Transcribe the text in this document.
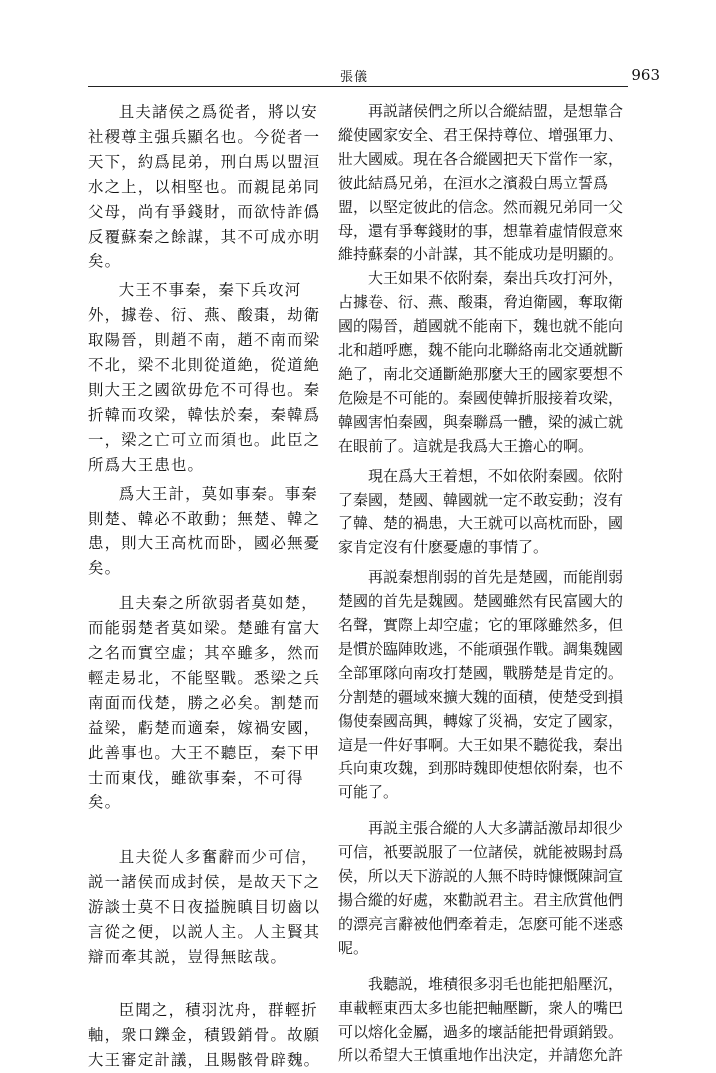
張儀	963

且夫諸侯之爲從者，將以安社稷尊主强兵顯名也。今從者一天下，約爲昆弟，刑白馬以盟洹水之上，以相堅也。而親昆弟同父母，尚有爭錢財，而欲恃詐僞反覆蘇秦之餘謀，其不可成亦明矣。

大王不事秦，秦下兵攻河外，據卷、衍、燕、酸棗，劫衛取陽晉，則趙不南，趙不南而梁不北，梁不北則從道絶，從道絶則大王之國欲毋危不可得也。秦折韓而攻梁，韓怯於秦，秦韓爲一，梁之亡可立而須也。此臣之所爲大王患也。

爲大王計，莫如事秦。事秦則楚、韓必不敢動；無楚、韓之患，則大王高枕而卧，國必無憂矣。

且夫秦之所欲弱者莫如楚，而能弱楚者莫如梁。楚雖有富大之名而實空虛；其卒雖多，然而輕走易北，不能堅戰。悉梁之兵南面而伐楚，勝之必矣。割楚而益梁，虧楚而適秦，嫁禍安國，此善事也。大王不聽臣，秦下甲士而東伐，雖欲事秦，不可得矣。

且夫從人多奮辭而少可信，説一諸侯而成封侯，是故天下之游談士莫不日夜搤腕瞋目切齒以言從之便，以説人主。人主賢其辯而牽其説，豈得無眩哉。

臣聞之，積羽沈舟，群輕折軸，衆口鑠金，積毀銷骨。故願大王審定計議，且賜骸骨辟魏。

再説諸侯們之所以合縱結盟，是想靠合縱使國家安全、君王保持尊位、增强軍力、壯大國威。現在各合縱國把天下當作一家，彼此結爲兄弟，在洹水之濱殺白馬立誓爲盟，以堅定彼此的信念。然而親兄弟同一父母，還有爭奪錢財的事，想靠着虛情假意來維持蘇秦的小計謀，其不能成功是明顯的。

大王如果不依附秦，秦出兵攻打河外，占據卷、衍、燕、酸棗，脅迫衛國，奪取衛國的陽晉，趙國就不能南下，魏也就不能向北和趙呼應，魏不能向北聯絡南北交通就斷絶了，南北交通斷絶那麼大王的國家要想不危險是不可能的。秦國使韓折服接着攻梁，韓國害怕秦國，與秦聯爲一體，梁的滅亡就在眼前了。這就是我爲大王擔心的啊。

現在爲大王着想，不如依附秦國。依附了秦國，楚國、韓國就一定不敢妄動；沒有了韓、楚的禍患，大王就可以高枕而卧，國家肯定沒有什麽憂慮的事情了。

再説秦想削弱的首先是楚國，而能削弱楚國的首先是魏國。楚國雖然有民富國大的名聲，實際上却空虛；它的軍隊雖然多，但是慣於臨陣敗逃，不能頑强作戰。調集魏國全部軍隊向南攻打楚國，戰勝楚是肯定的。分割楚的疆域來擴大魏的面積，使楚受到損傷使秦國高興，轉嫁了災禍，安定了國家，這是一件好事啊。大王如果不聽從我，秦出兵向東攻魏，到那時魏即使想依附秦，也不可能了。

再説主張合縱的人大多講話激昂却很少可信，衹要説服了一位諸侯，就能被賜封爲侯，所以天下游説的人無不時時慷慨陳詞宣揚合縱的好處，來勸説君主。君主欣賞他們的漂亮言辭被他們牽着走，怎麽可能不迷惑呢。

我聽説，堆積很多羽毛也能把船壓沉，車載輕東西太多也能把軸壓斷，衆人的嘴巴可以熔化金屬，過多的壞話能把骨頭銷毀。所以希望大王慎重地作出決定，并請您允許
